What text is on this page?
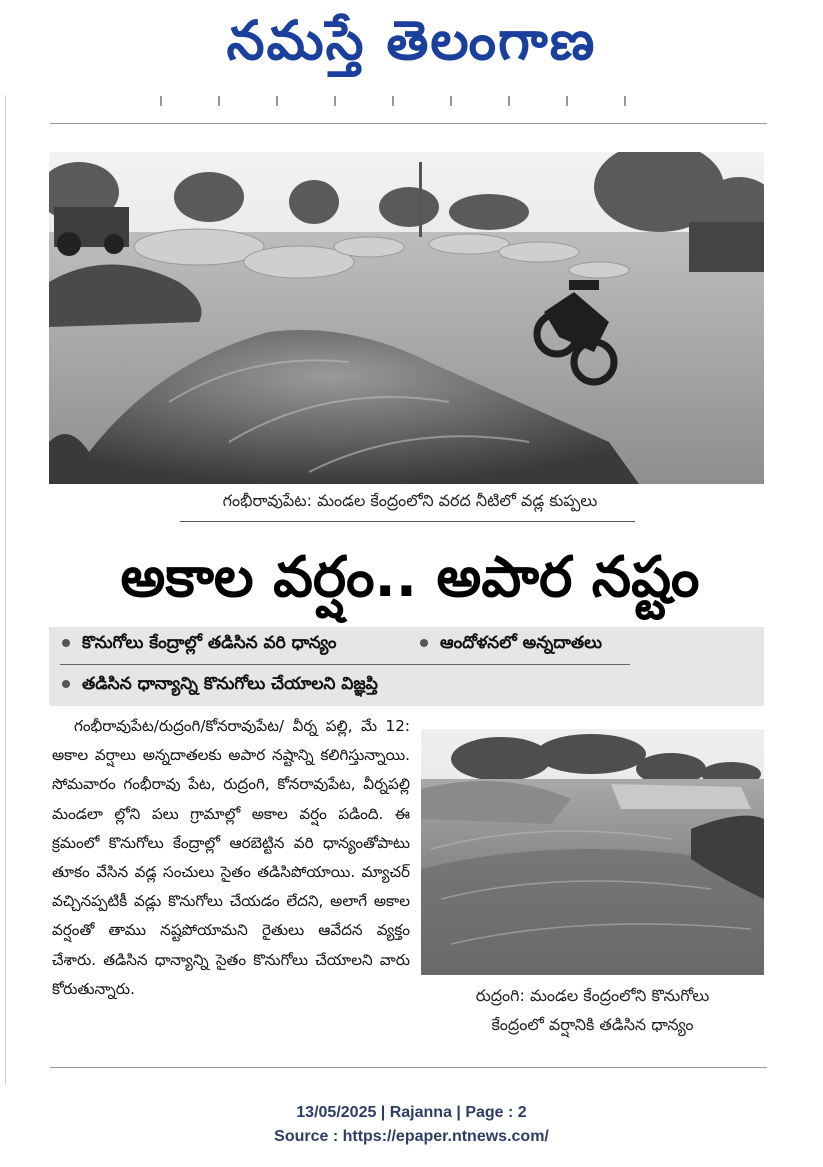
నమస్తే తెలంగాణ
గంభీరావుపేట: మండల కేంద్రంలోని వరద నీటిలో వడ్ల కుప్పలు
అకాల వర్షం.. అపార నష్టం
కొనుగోలు కేంద్రాల్లో తడిసిన వరి ధాన్యం	ఆందోళనలో అన్నదాతలు
తడిసిన ధాన్యాన్ని కొనుగోలు చేయాలని విజ్ఞప్తి
గంభీరావుపేట/రుద్రంగి/కోనరావుపేట/ వీర్న పల్లి, మే 12: అకాల వర్షాలు అన్నదాతలకు అపార నష్టాన్ని కలిగిస్తున్నాయి. సోమవారం గంభీరావు పేట, రుద్రంగి, కోనరావుపేట, వీర్నపల్లి మండలా ల్లోని పలు గ్రామాల్లో అకాల వర్షం పడింది. ఈ క్రమంలో కొనుగోలు కేంద్రాల్లో ఆరబెట్టిన వరి ధాన్యంతోపాటు తూకం వేసిన వడ్ల సంచులు సైతం తడిసిపోయాయి. మ్యాచర్ వచ్చినప్పటికీ వడ్లు కొనుగోలు చేయడం లేదని, అలాగే అకాల వర్షంతో తాము నష్టపోయామని రైతులు ఆవేదన వ్యక్తం చేశారు. తడిసిన ధాన్యాన్ని సైతం కొనుగోలు చేయాలని వారు కోరుతున్నారు.	రుద్రంగి: మండల కేంద్రంలోని కొనుగోలు
కేంద్రంలో వర్షానికి తడిసిన ధాన్యం
13/05/2025 | Rajanna | Page : 2
Source : https://epaper.ntnews.com/
